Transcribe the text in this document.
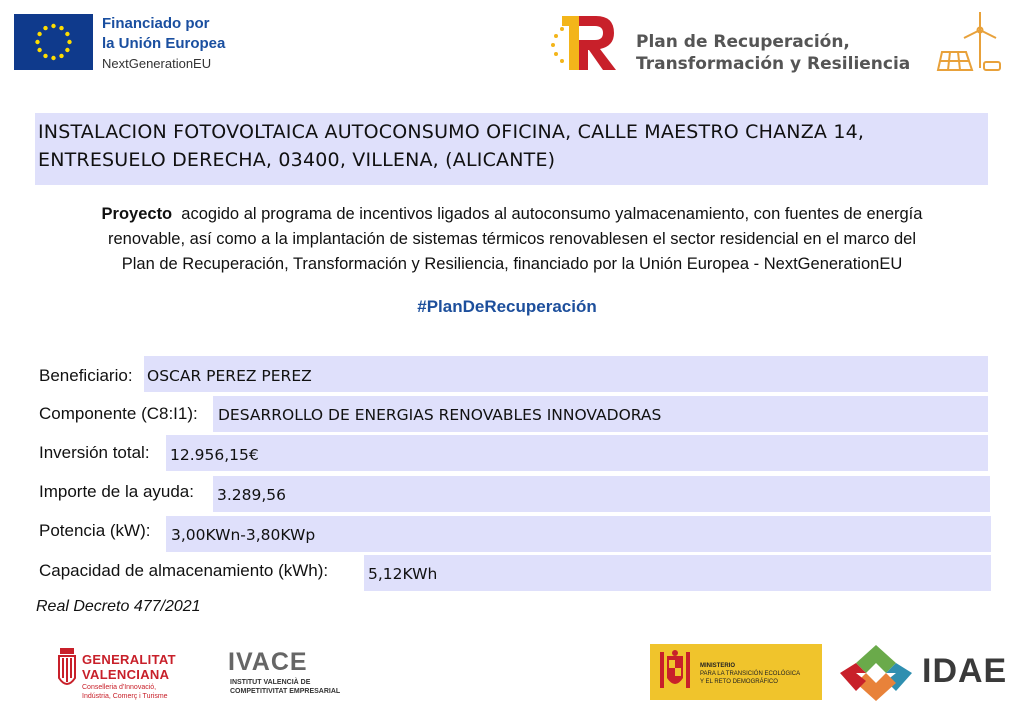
Financiado por
la Unión Europea
NextGenerationEU
Plan de Recuperación,
Transformación y Resiliencia
INSTALACION FOTOVOLTAICA AUTOCONSUMO OFICINA, CALLE MAESTRO CHANZA 14, ENTRESUELO DERECHA, 03400, VILLENA, (ALICANTE)
Proyecto  acogido al programa de incentivos ligados al autoconsumo yalmacenamiento, con fuentes de energía
renovable, así como a la implantación de sistemas térmicos renovablesen el sector residencial en el marco del
Plan de Recuperación, Transformación y Resiliencia, financiado por la Unión Europea - NextGenerationEU
#PlanDeRecuperación
Beneficiario: OSCAR PEREZ PEREZ
Componente (C8:I1): DESARROLLO DE ENERGIAS RENOVABLES INNOVADORAS
Inversión total: 12.956,15€
Importe de la ayuda: 3.289,56
Potencia (kW): 3,00KWn-3,80KWp
Capacidad de almacenamiento (kWh):	5,12KWh
Real Decreto 477/2021
GENERALITAT
VALENCIANA
Conselleria d'Innovació,
Indústria, Comerç i Turisme
IVACE
INSTITUT VALENCIÀ DE
COMPETITIVITAT EMPRESARIAL
MINISTERIO
PARA LA TRANSICIÓN ECOLÓGICA
Y EL RETO DEMOGRÁFICO	IDAE
